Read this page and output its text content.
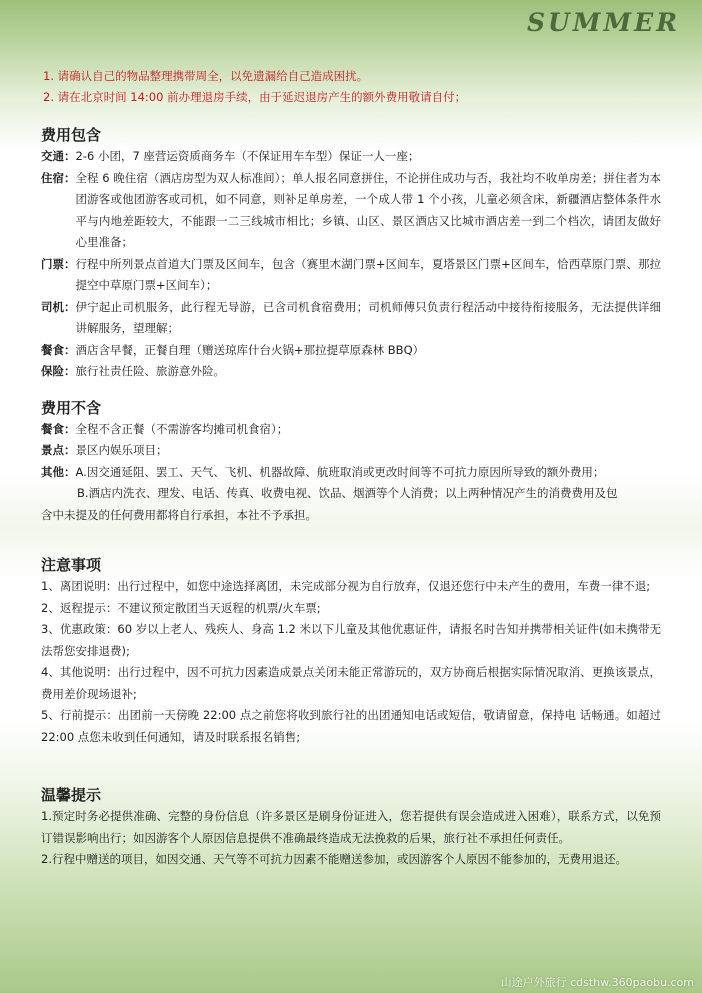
SUMMER

1. 请确认自己的物品整理携带周全，以免遗漏给自己造成困扰。

2. 请在北京时间 14:00 前办理退房手续，由于延迟退房产生的额外费用敬请自付；

费用包含
交通： 2-6 小团，7 座营运资质商务车（不保证用车车型）保证一人一座；
住宿： 全程 6 晚住宿（酒店房型为双人标准间）；单人报名同意拼住，不论拼住成功与否，我社均不收单房差；拼住者为本团游客或他团游客或司机，如不同意，则补足单房差，一个成人带 1 个小孩，儿童必须含床，新疆酒店整体条件水平与内地差距较大，不能跟一二三线城市相比；乡镇、山区、景区酒店又比城市酒店差一到二个档次，请团友做好心里准备；
门票： 行程中所列景点首道大门票及区间车，包含（赛里木湖门票+区间车，夏塔景区门票+区间车，恰西草原门票、那拉提空中草原门票+区间车）；
司机： 伊宁起止司机服务，此行程无导游，已含司机食宿费用；司机师傅只负责行程活动中接待衔接服务，无法提供详细讲解服务，望理解；
餐食： 酒店含早餐，正餐自理（赠送琼库什台火锅+那拉提草原森林 BBQ）
保险： 旅行社责任险、旅游意外险。
费用不含
餐食： 全程不含正餐（不需游客均摊司机食宿）；
景点： 景区内娱乐项目；
其他： A.因交通延阻、罢工、天气、飞机、机器故障、航班取消或更改时间等不可抗力原因所导致的额外费用；

B.酒店内洗衣、理发、电话、传真、收费电视、饮品、烟酒等个人消费；以上两种情况产生的消费费用及包

含中未提及的任何费用都将自行承担，本社不予承担。

注意事项

1、离团说明：出行过程中，如您中途选择离团，未完成部分视为自行放弃，仅退还您行中未产生的费用，车费一律不退;

2、返程提示：不建议预定散团当天返程的机票/火车票;

3、优惠政策：60 岁以上老人、残疾人、身高 1.2 米以下儿童及其他优惠证件，请报名时告知并携带相关证件(如未携带无法帮您安排退费);

4、其他说明：出行过程中，因不可抗力因素造成景点关闭未能正常游玩的，双方协商后根据实际情况取消、更换该景点，费用差价现场退补;

5、行前提示：出团前一天傍晚 22:00 点之前您将收到旅行社的出团通知电话或短信，敬请留意，保持电 话畅通。如超过 22:00 点您未收到任何通知，请及时联系报名销售;

温馨提示

1.预定时务必提供准确、完整的身份信息（许多景区是刷身份证进入，您若提供有误会造成进入困难），联系方式，以免预订错误影响出行；如因游客个人原因信息提供不准确最终造成无法挽救的后果，旅行社不承担任何责任。

2.行程中赠送的项目，如因交通、天气等不可抗力因素不能赠送参加，或因游客个人原因不能参加的，无费用退还。

山途户外旅行 cdsthw.360paobu.com
